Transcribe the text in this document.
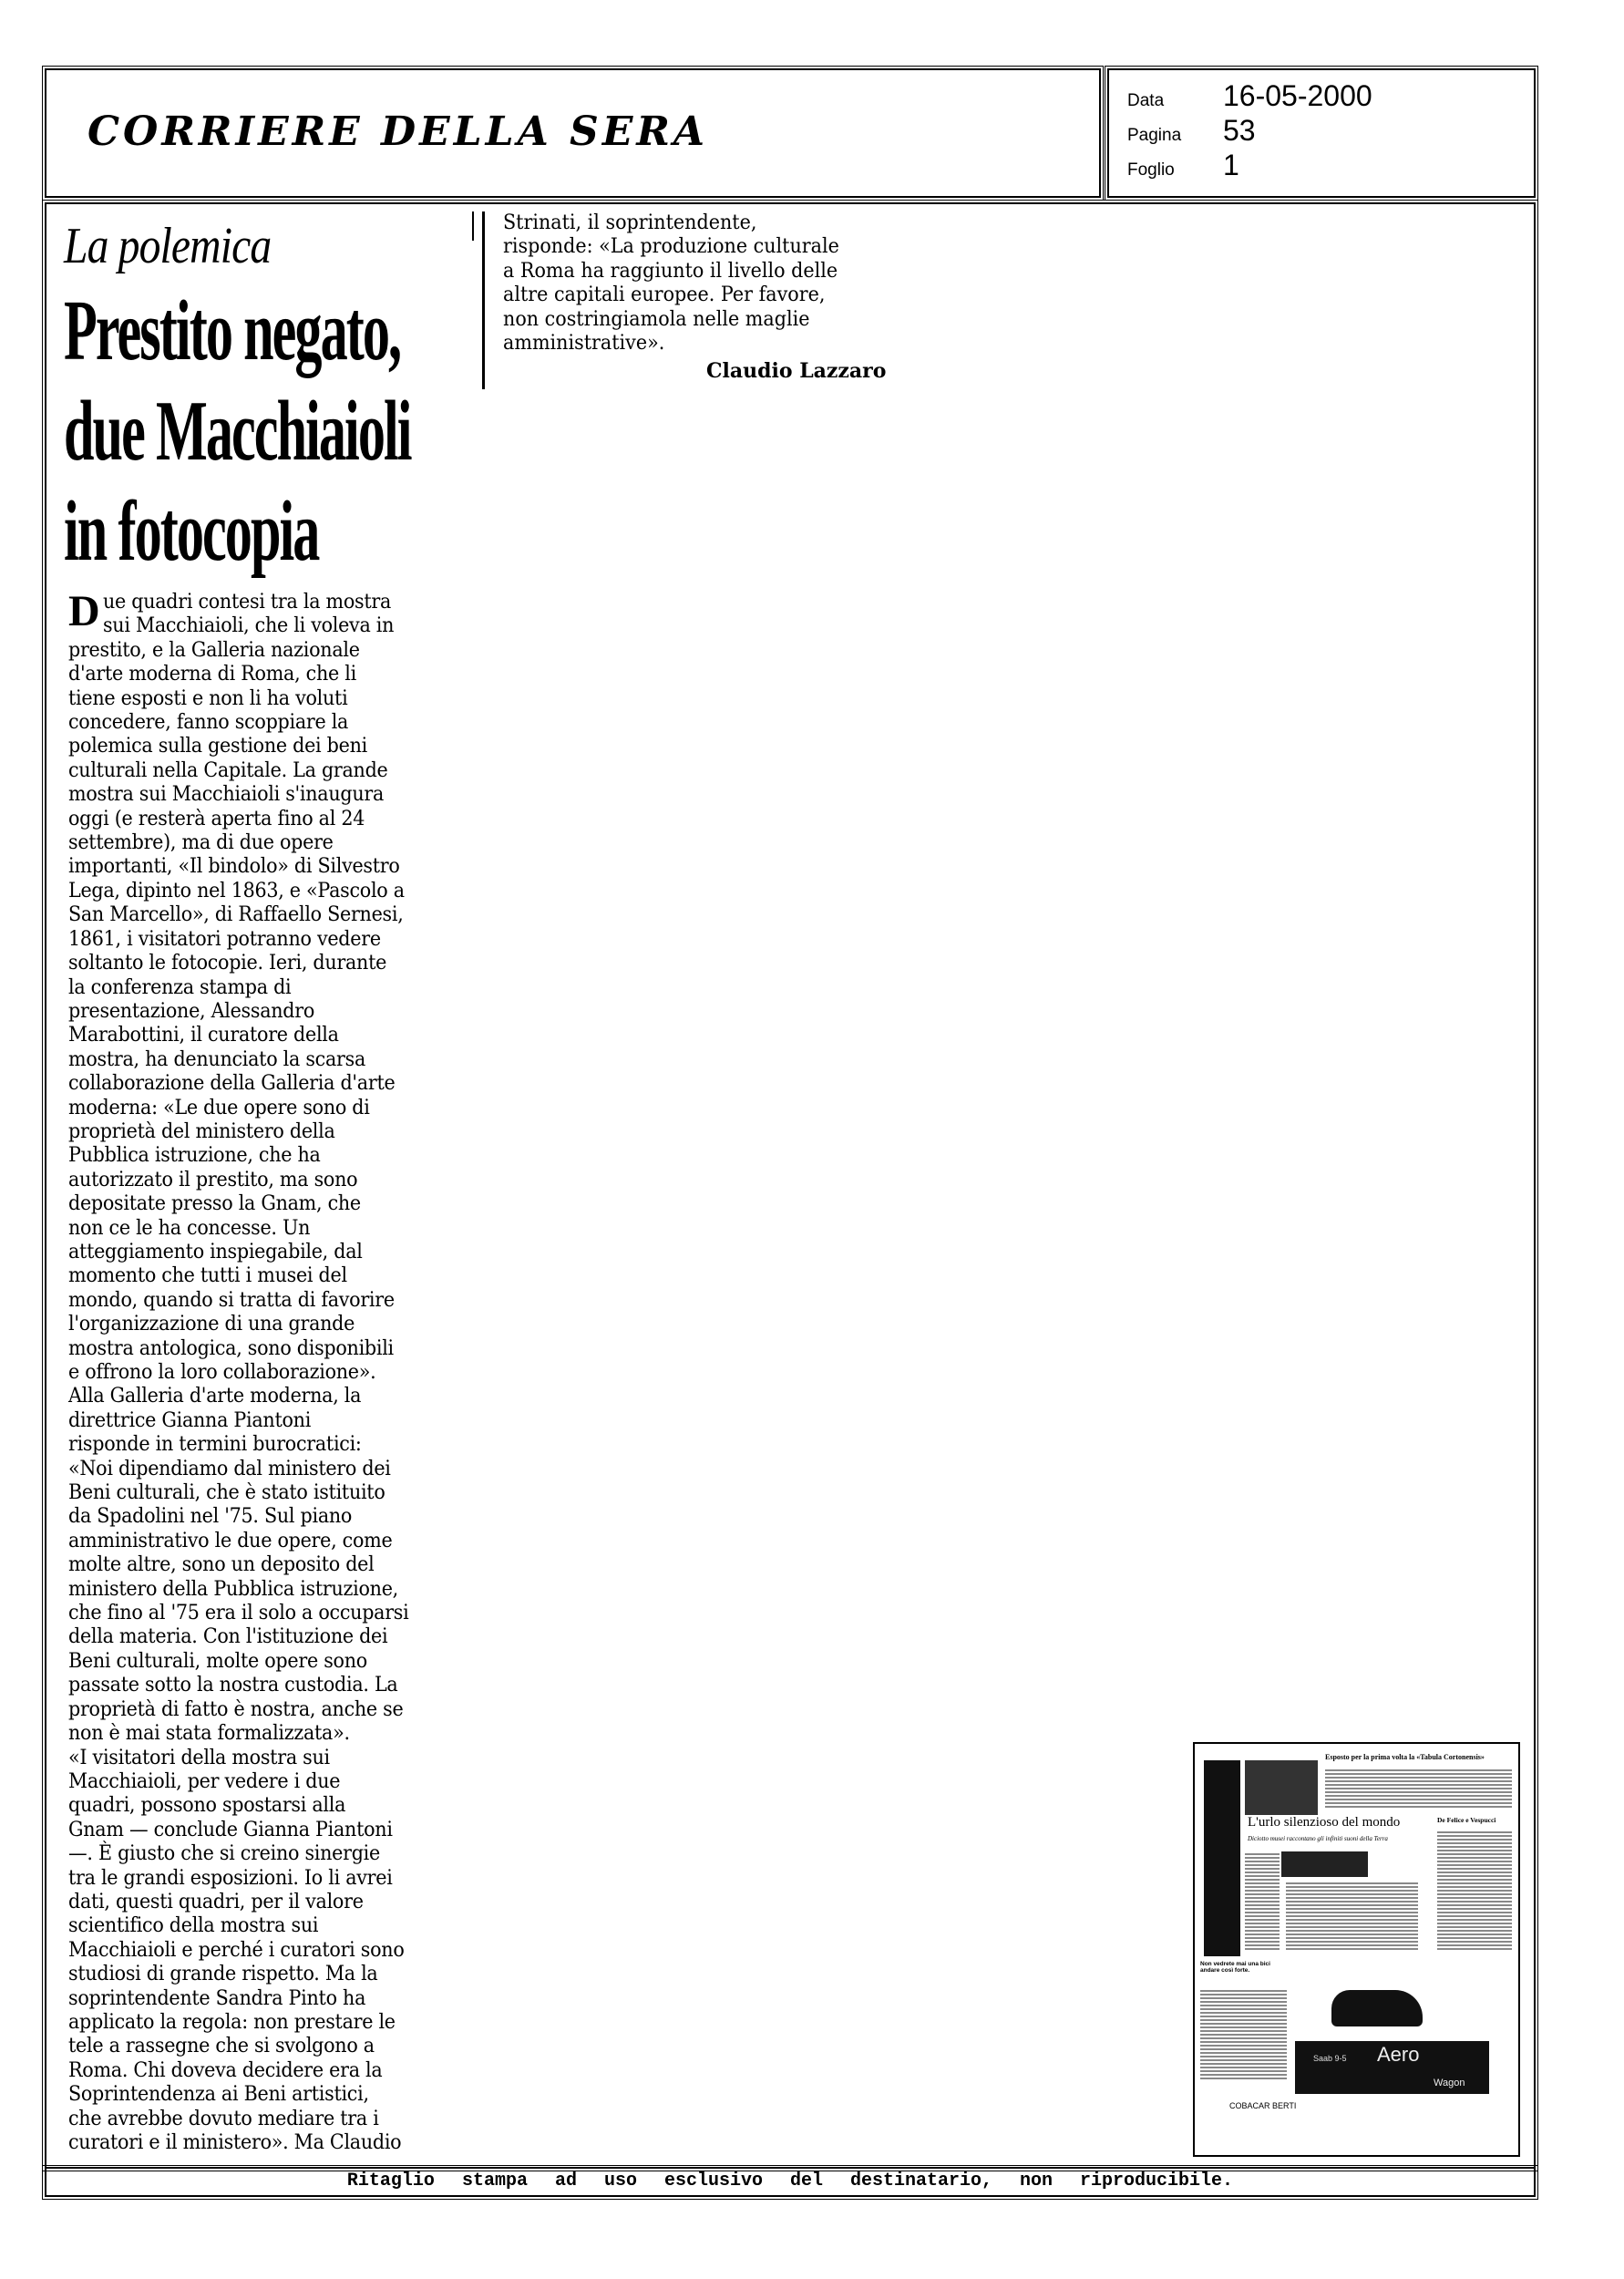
CORRIERE DELLA SERA
Data	16-05-2000
Pagina	53
Foglio	1
La polemica
Prestito negato,
due Macchiaioli
in fotocopia
D ue quadri contesi tra la mostra
sui Macchiaioli, che li voleva in
prestito, e la Galleria nazionale
d'arte moderna di Roma, che li
tiene esposti e non li ha voluti
concedere, fanno scoppiare la
polemica sulla gestione dei beni
culturali nella Capitale. La grande
mostra sui Macchiaioli s'inaugura
oggi (e resterà aperta fino al 24
settembre), ma di due opere
importanti, «Il bindolo» di Silvestro
Lega, dipinto nel 1863, e «Pascolo a
San Marcello», di Raffaello Sernesi,
1861, i visitatori potranno vedere
soltanto le fotocopie. Ieri, durante
la conferenza stampa di
presentazione, Alessandro
Marabottini, il curatore della
mostra, ha denunciato la scarsa
collaborazione della Galleria d'arte
moderna: «Le due opere sono di
proprietà del ministero della
Pubblica istruzione, che ha
autorizzato il prestito, ma sono
depositate presso la Gnam, che
non ce le ha concesse. Un
atteggiamento inspiegabile, dal
momento che tutti i musei del
mondo, quando si tratta di favorire
l'organizzazione di una grande
mostra antologica, sono disponibili
e offrono la loro collaborazione».
Alla Galleria d'arte moderna, la
direttrice Gianna Piantoni
risponde in termini burocratici:
«Noi dipendiamo dal ministero dei
Beni culturali, che è stato istituito
da Spadolini nel '75. Sul piano
amministrativo le due opere, come
molte altre, sono un deposito del
ministero della Pubblica istruzione,
che fino al '75 era il solo a occuparsi
della materia. Con l'istituzione dei
Beni culturali, molte opere sono
passate sotto la nostra custodia. La
proprietà di fatto è nostra, anche se
non è mai stata formalizzata».
«I visitatori della mostra sui
Macchiaioli, per vedere i due
quadri, possono spostarsi alla
Gnam — conclude Gianna Piantoni
—. È giusto che si creino sinergie
tra le grandi esposizioni. Io li avrei
dati, questi quadri, per il valore
scientifico della mostra sui
Macchiaioli e perché i curatori sono
studiosi di grande rispetto. Ma la
soprintendente Sandra Pinto ha
applicato la regola: non prestare le
tele a rassegne che si svolgono a
Roma. Chi doveva decidere era la
Soprintendenza ai Beni artistici,
che avrebbe dovuto mediare tra i
curatori e il ministero». Ma Claudio
Strinati, il soprintendente,
risponde: «La produzione culturale
a Roma ha raggiunto il livello delle
altre capitali europee. Per favore,
non costringiamola nelle maglie
amministrative».
Claudio Lazzaro
Esposto per la prima volta la «Tabula Cortonensis»
L'urlo silenzioso del mondo
Diciotto musei raccontano gli infiniti suoni della Terra
De Felice e Vespucci
Non vedrete mai una bici andare così forte.
Saab 9-5 Aero
Wagon
COBACAR BERTI
Ritaglio stampa ad uso esclusivo del destinatario, non riproducibile.
